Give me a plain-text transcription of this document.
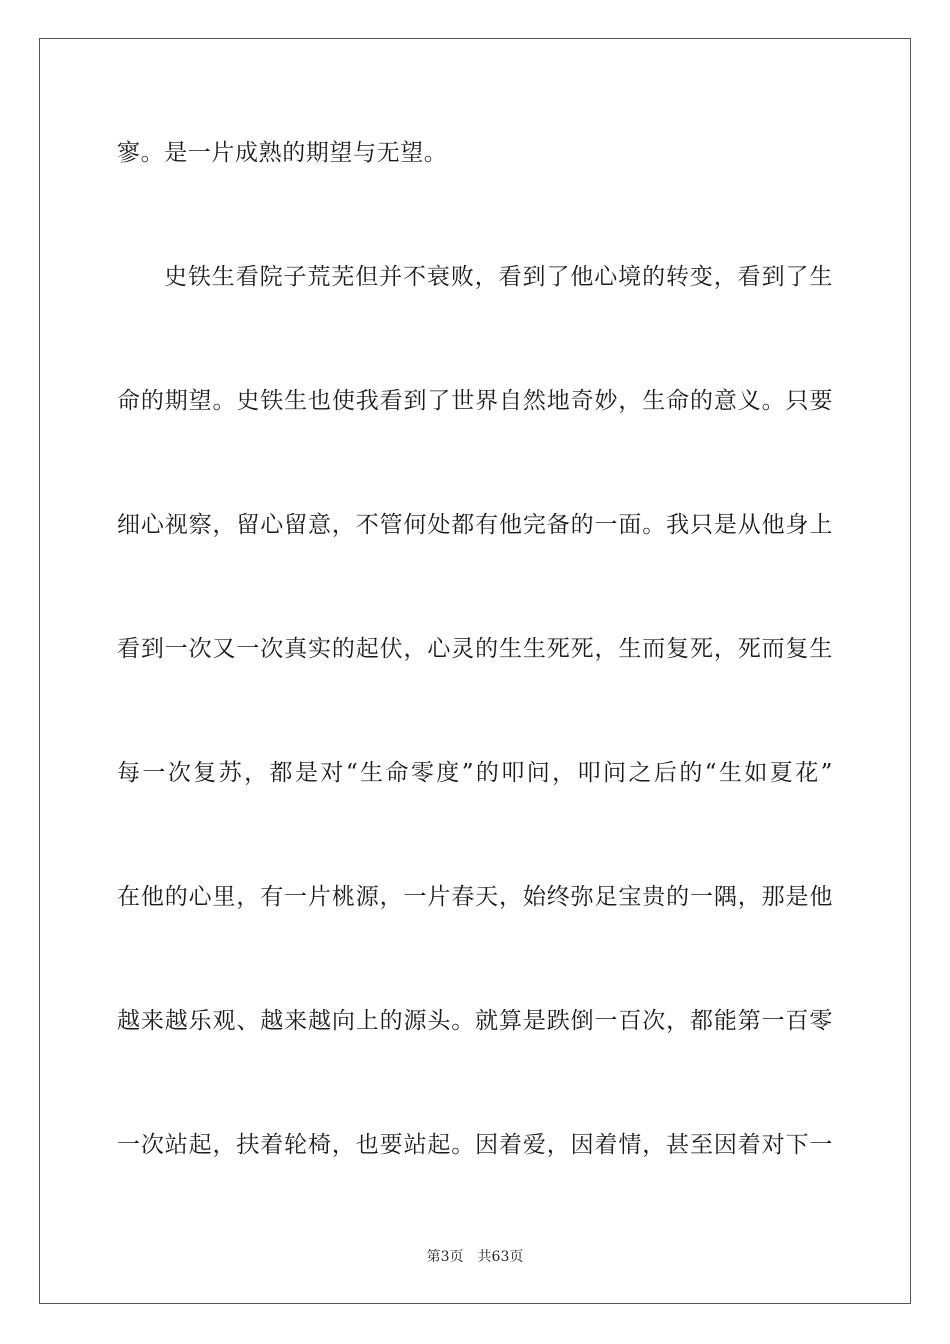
寥。是一片成熟的期望与无望。
史铁生看院子荒芜但并不衰败，看到了他心境的转变，看到了生
命的期望。史铁生也使我看到了世界自然地奇妙，生命的意义。只要
细心视察，留心留意，不管何处都有他完备的一面。我只是从他身上
看到一次又一次真实的起伏，心灵的生生死死，生而复死，死而复生
每一次复苏，都是对“生命零度”的叩问，叩问之后的“生如夏花”
在他的心里，有一片桃源，一片春天，始终弥足宝贵的一隅，那是他
越来越乐观、越来越向上的源头。就算是跌倒一百次，都能第一百零
一次站起，扶着轮椅，也要站起。因着爱，因着情，甚至因着对下一
第3页 共63页
